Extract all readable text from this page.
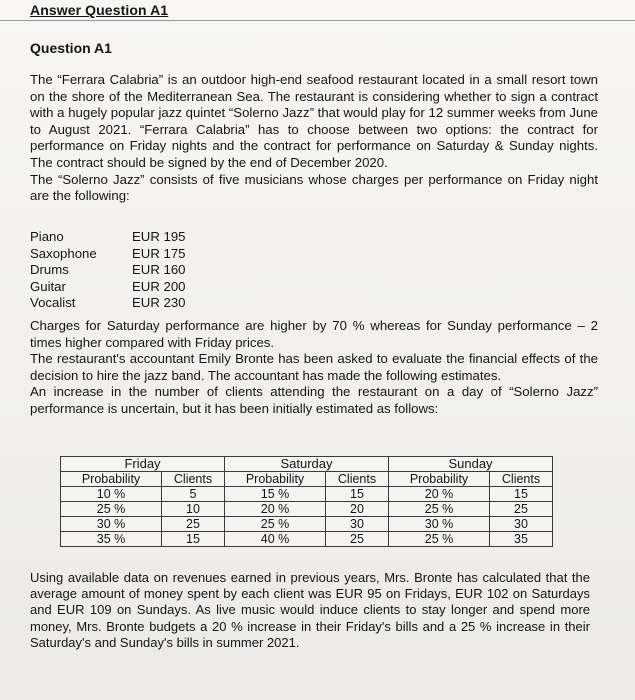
Answer Question A1
Question A1

The “Ferrara Calabria” is an outdoor high-end seafood restaurant located in a small resort town on the shore of the Mediterranean Sea. The restaurant is considering whether to sign a contract with a hugely popular jazz quintet “Solerno Jazz” that would play for 12 summer weeks from June to August 2021. “Ferrara Calabria” has to choose between two options: the contract for performance on Friday nights and the contract for performance on Saturday & Sunday nights. The contract should be signed by the end of December 2020.

The “Solerno Jazz” consists of five musicians whose charges per performance on Friday night are the following:

Piano	EUR 195
Saxophone	EUR 175
Drums	EUR 160
Guitar	EUR 200
Vocalist	EUR 230

Charges for Saturday performance are higher by 70 % whereas for Sunday performance – 2 times higher compared with Friday prices.

The restaurant's accountant Emily Bronte has been asked to evaluate the financial effects of the decision to hire the jazz band. The accountant has made the following estimates.

An increase in the number of clients attending the restaurant on a day of “Solerno Jazz” performance is uncertain, but it has been initially estimated as follows:

Friday		Saturday		Sunday	
Probability	Clients	Probability	Clients	Probability	Clients
10 %	5	15 %	15	20 %	15
25 %	10	20 %	20	25 %	25
30 %	25	25 %	30	30 %	30
35 %	15	40 %	25	25 %	35

Using available data on revenues earned in previous years, Mrs. Bronte has calculated that the average amount of money spent by each client was EUR 95 on Fridays, EUR 102 on Saturdays and EUR 109 on Sundays. As live music would induce clients to stay longer and spend more money, Mrs. Bronte budgets a 20 % increase in their Friday's bills and a 25 % increase in their Saturday's and Sunday's bills in summer 2021.
